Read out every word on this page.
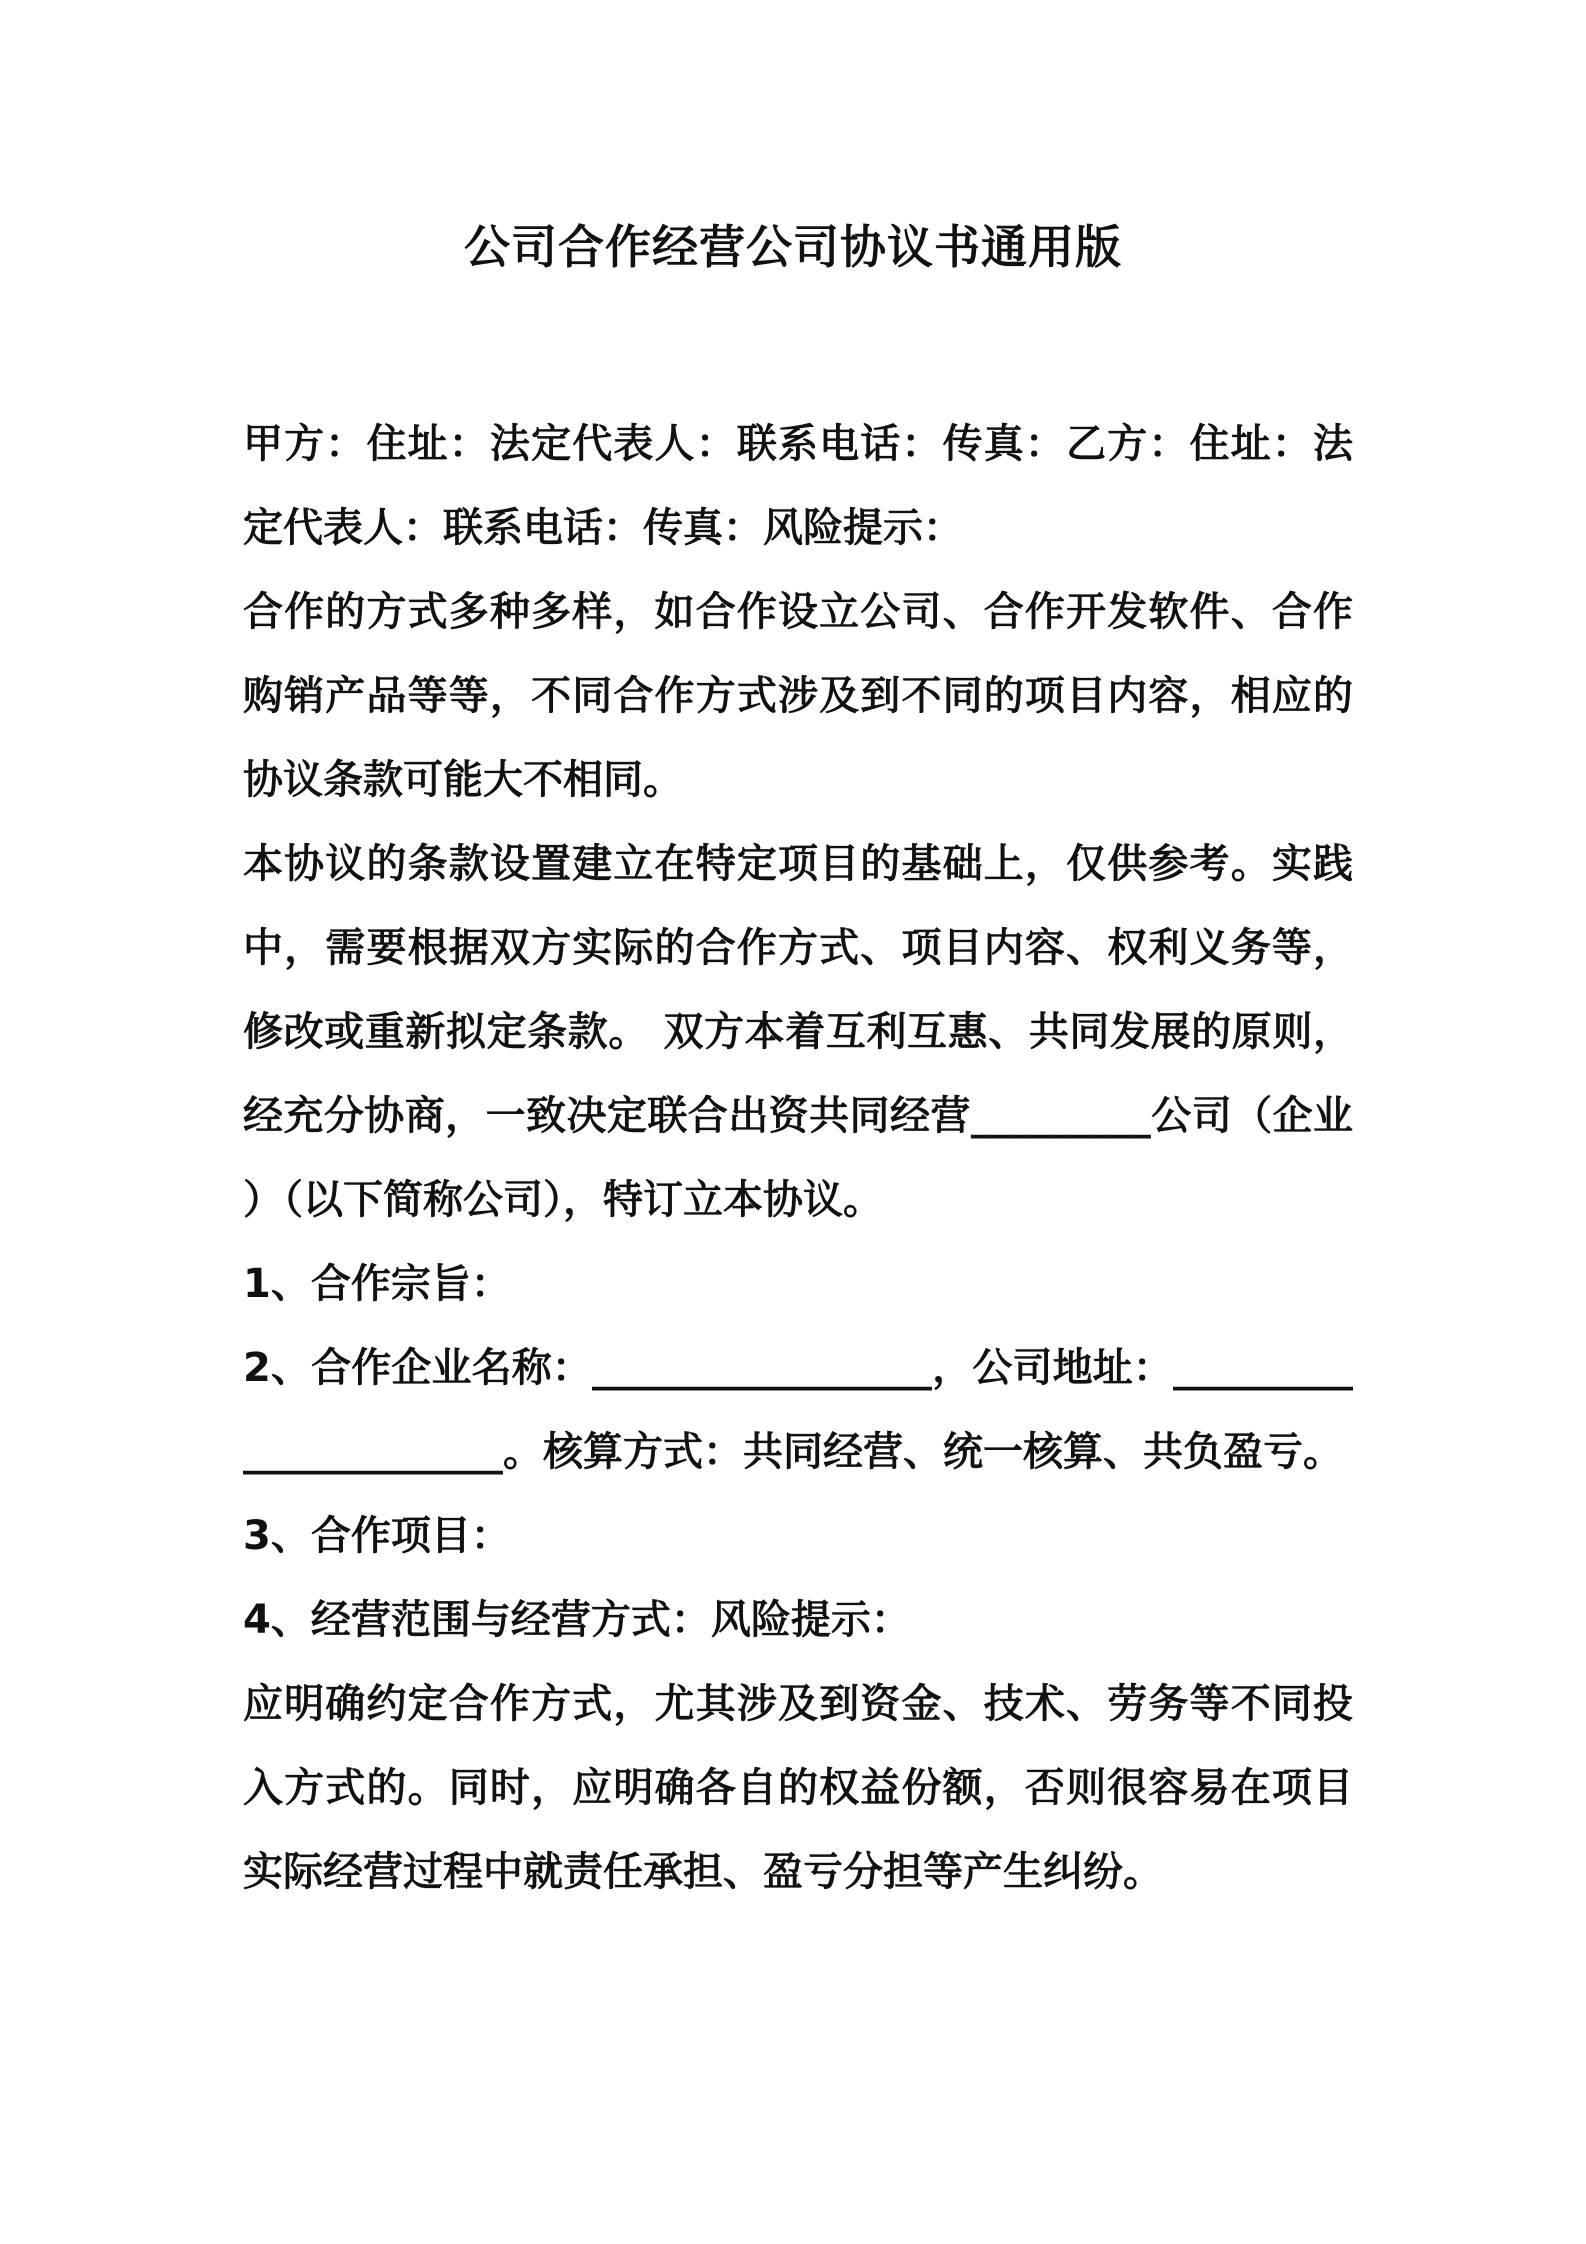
公司合作经营公司协议书通用版

甲方：住址：法定代表人：联系电话：传真：乙方：住址：法定代表人：联系电话：传真：风险提示：

合作的方式多种多样，如合作设立公司、合作开发软件、合作购销产品等等，不同合作方式涉及到不同的项目内容，相应的协议条款可能大不相同。

本协议的条款设置建立在特定项目的基础上，仅供参考。实践中，需要根据双方实际的合作方式、项目内容、权利义务等，修改或重新拟定条款。 双方本着互利互惠、共同发展的原则，经充分协商，一致决定联合出资共同经营_________公司（企业）（以下简称公司），特订立本协议。

1、合作宗旨：

2、合作企业名称：_________________，公司地址：______________________。核算方式：共同经营、统一核算、共负盈亏。

3、合作项目：

4、经营范围与经营方式：风险提示：

应明确约定合作方式，尤其涉及到资金、技术、劳务等不同投入方式的。同时，应明确各自的权益份额，否则很容易在项目实际经营过程中就责任承担、盈亏分担等产生纠纷。
